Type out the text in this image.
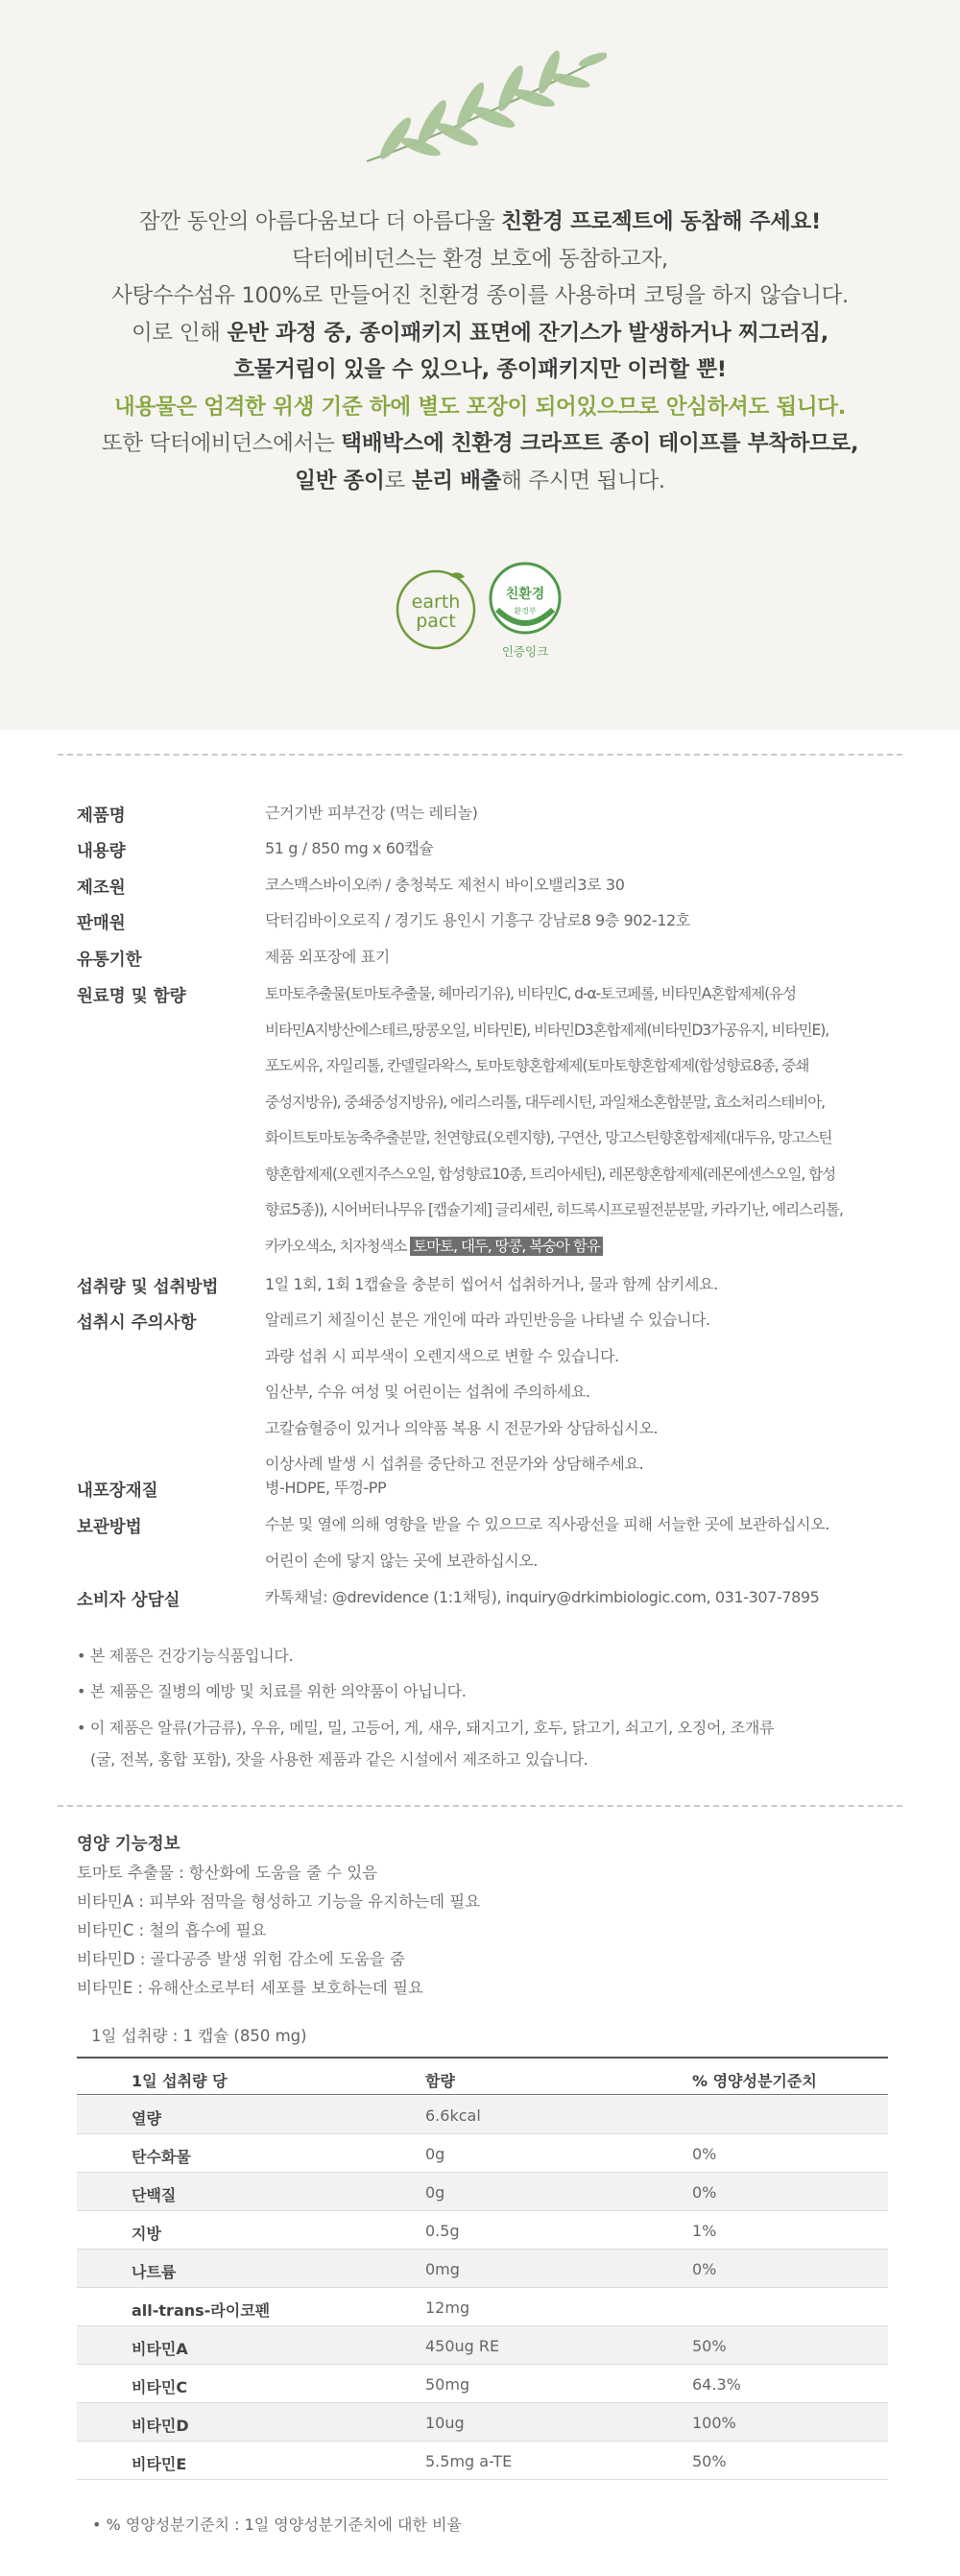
잠깐 동안의 아름다움보다 더 아름다울 친환경 프로젝트에 동참해 주세요!
닥터에비던스는 환경 보호에 동참하고자,
사탕수수섬유 100%로 만들어진 친환경 종이를 사용하며 코팅을 하지 않습니다.
이로 인해 운반 과정 중, 종이패키지 표면에 잔기스가 발생하거나 찌그러짐,
흐물거림이 있을 수 있으나, 종이패키지만 이러할 뿐!
내용물은 엄격한 위생 기준 하에 별도 포장이 되어있으므로 안심하셔도 됩니다.
또한 닥터에비던스에서는 택배박스에 친환경 크라프트 종이 테이프를 부착하므로,
일반 종이로 분리 배출해 주시면 됩니다.
earth
pact
친환경
환경부
인증잉크
제품명	근거기반 피부건강 (먹는 레티놀)
내용량	51 g / 850 mg x 60캡슐
제조원	코스맥스바이오㈜ / 충청북도 제천시 바이오밸리3로 30
판매원	닥터김바이오로직 / 경기도 용인시 기흥구 강남로8 9층 902-12호
유통기한	제품 외포장에 표기
원료명 및 함량	토마토추출물(토마토추출물, 헤마리기유), 비타민C, d-α-토코페롤, 비타민A혼합제제(유성
비타민A지방산에스테르,땅콩오일, 비타민E), 비타민D3혼합제제(비타민D3가공유지, 비타민E),
포도씨유, 자일리톨, 칸델릴라왁스, 토마토향혼합제제(토마토향혼합제제(합성향료8종, 중쇄
중성지방유), 중쇄중성지방유), 에리스리톨, 대두레시틴, 과일채소혼합분말, 효소처리스테비아,
화이트토마토농축추출분말, 천연향료(오렌지향), 구연산, 망고스틴향혼합제제(대두유, 망고스틴
향혼합제제(오렌지주스오일, 합성향료10종, 트리아세틴), 레몬향혼합제제(레몬에센스오일, 합성
향료5종)), 시어버터나무유 [캡슐기제] 글리세린, 히드록시프로필전분분말, 카라기난, 에리스리톨,
카카오색소, 치자청색소 토마토, 대두, 땅콩, 복숭아 함유
섭취량 및 섭취방법	1일 1회, 1회 1캡슐을 충분히 씹어서 섭취하거나, 물과 함께 삼키세요.
섭취시 주의사항	알레르기 체질이신 분은 개인에 따라 과민반응을 나타낼 수 있습니다.
과량 섭취 시 피부색이 오렌지색으로 변할 수 있습니다.
임산부, 수유 여성 및 어린이는 섭취에 주의하세요.
고칼슘혈증이 있거나 의약품 복용 시 전문가와 상담하십시오.
이상사례 발생 시 섭취를 중단하고 전문가와 상담해주세요.
내포장재질	병-HDPE, 뚜껑-PP
보관방법	수분 및 열에 의해 영향을 받을 수 있으므로 직사광선을 피해 서늘한 곳에 보관하십시오.
어린이 손에 닿지 않는 곳에 보관하십시오.
소비자 상담실	카톡채널: @drevidence (1:1채팅), inquiry@drkimbiologic.com, 031-307-7895
• 본 제품은 건강기능식품입니다.
• 본 제품은 질병의 예방 및 치료를 위한 의약품이 아닙니다.
• 이 제품은 알류(가금류), 우유, 메밀, 밀, 고등어, 게, 새우, 돼지고기, 호두, 닭고기, 쇠고기, 오징어, 조개류
(굴, 전복, 홍합 포함), 잣을 사용한 제품과 같은 시설에서 제조하고 있습니다.
영양 기능정보
토마토 추출물 : 항산화에 도움을 줄 수 있음
비타민A : 피부와 점막을 형성하고 기능을 유지하는데 필요
비타민C : 철의 흡수에 필요
비타민D : 골다공증 발생 위험 감소에 도움을 줌
비타민E : 유해산소로부터 세포를 보호하는데 필요
1일 섭취량 : 1 캡슐 (850 mg)
1일 섭취량 당	함량	% 영양성분기준치
열량	6.6kcal
탄수화물	0g	0%
단백질	0g	0%
지방	0.5g	1%
나트륨	0mg	0%
all-trans-라이코펜	12mg
비타민A	450ug RE	50%
비타민C	50mg	64.3%
비타민D	10ug	100%
비타민E	5.5mg a-TE	50%
• % 영양성분기준치 : 1일 영양성분기준치에 대한 비율
